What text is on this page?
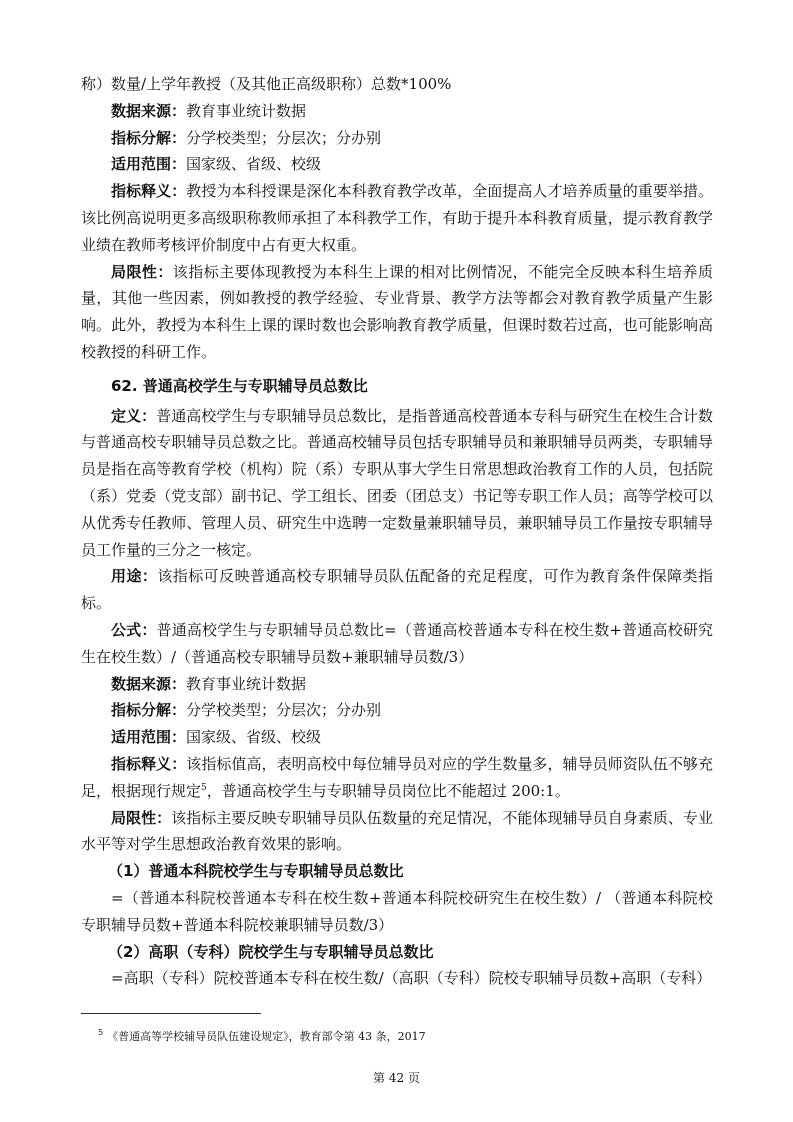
称）数量/上学年教授（及其他正高级职称）总数*100%

数据来源：教育事业统计数据

指标分解：分学校类型；分层次；分办别

适用范围：国家级、省级、校级

指标释义：教授为本科授课是深化本科教育教学改革，全面提高人才培养质量的重要举措。该比例高说明更多高级职称教师承担了本科教学工作，有助于提升本科教育质量，提示教育教学业绩在教师考核评价制度中占有更大权重。

局限性：该指标主要体现教授为本科生上课的相对比例情况，不能完全反映本科生培养质量，其他一些因素，例如教授的教学经验、专业背景、教学方法等都会对教育教学质量产生影响。此外，教授为本科生上课的课时数也会影响教育教学质量，但课时数若过高，也可能影响高校教授的科研工作。

62. 普通高校学生与专职辅导员总数比

定义：普通高校学生与专职辅导员总数比，是指普通高校普通本专科与研究生在校生合计数与普通高校专职辅导员总数之比。普通高校辅导员包括专职辅导员和兼职辅导员两类，专职辅导员是指在高等教育学校（机构）院（系）专职从事大学生日常思想政治教育工作的人员，包括院（系）党委（党支部）副书记、学工组长、团委（团总支）书记等专职工作人员；高等学校可以从优秀专任教师、管理人员、研究生中选聘一定数量兼职辅导员，兼职辅导员工作量按专职辅导员工作量的三分之一核定。

用途：该指标可反映普通高校专职辅导员队伍配备的充足程度，可作为教育条件保障类指标。

公式：普通高校学生与专职辅导员总数比=（普通高校普通本专科在校生数+普通高校研究生在校生数）/（普通高校专职辅导员数+兼职辅导员数/3）

数据来源：教育事业统计数据

指标分解：分学校类型；分层次；分办别

适用范围：国家级、省级、校级

指标释义：该指标值高，表明高校中每位辅导员对应的学生数量多，辅导员师资队伍不够充足，根据现行规定$^5$，普通高校学生与专职辅导员岗位比不能超过 200:1。

局限性：该指标主要反映专职辅导员队伍数量的充足情况，不能体现辅导员自身素质、专业水平等对学生思想政治教育效果的影响。

（1）普通本科院校学生与专职辅导员总数比

=（普通本科院校普通本专科在校生数+普通本科院校研究生在校生数）/ （普通本科院校专职辅导员数+普通本科院校兼职辅导员数/3）

（2）高职（专科）院校学生与专职辅导员总数比

=高职（专科）院校普通本专科在校生数/（高职（专科）院校专职辅导员数+高职（专科）

$^5$ 《普通高等学校辅导员队伍建设规定》，教育部令第 43 条，2017
第 42 页
